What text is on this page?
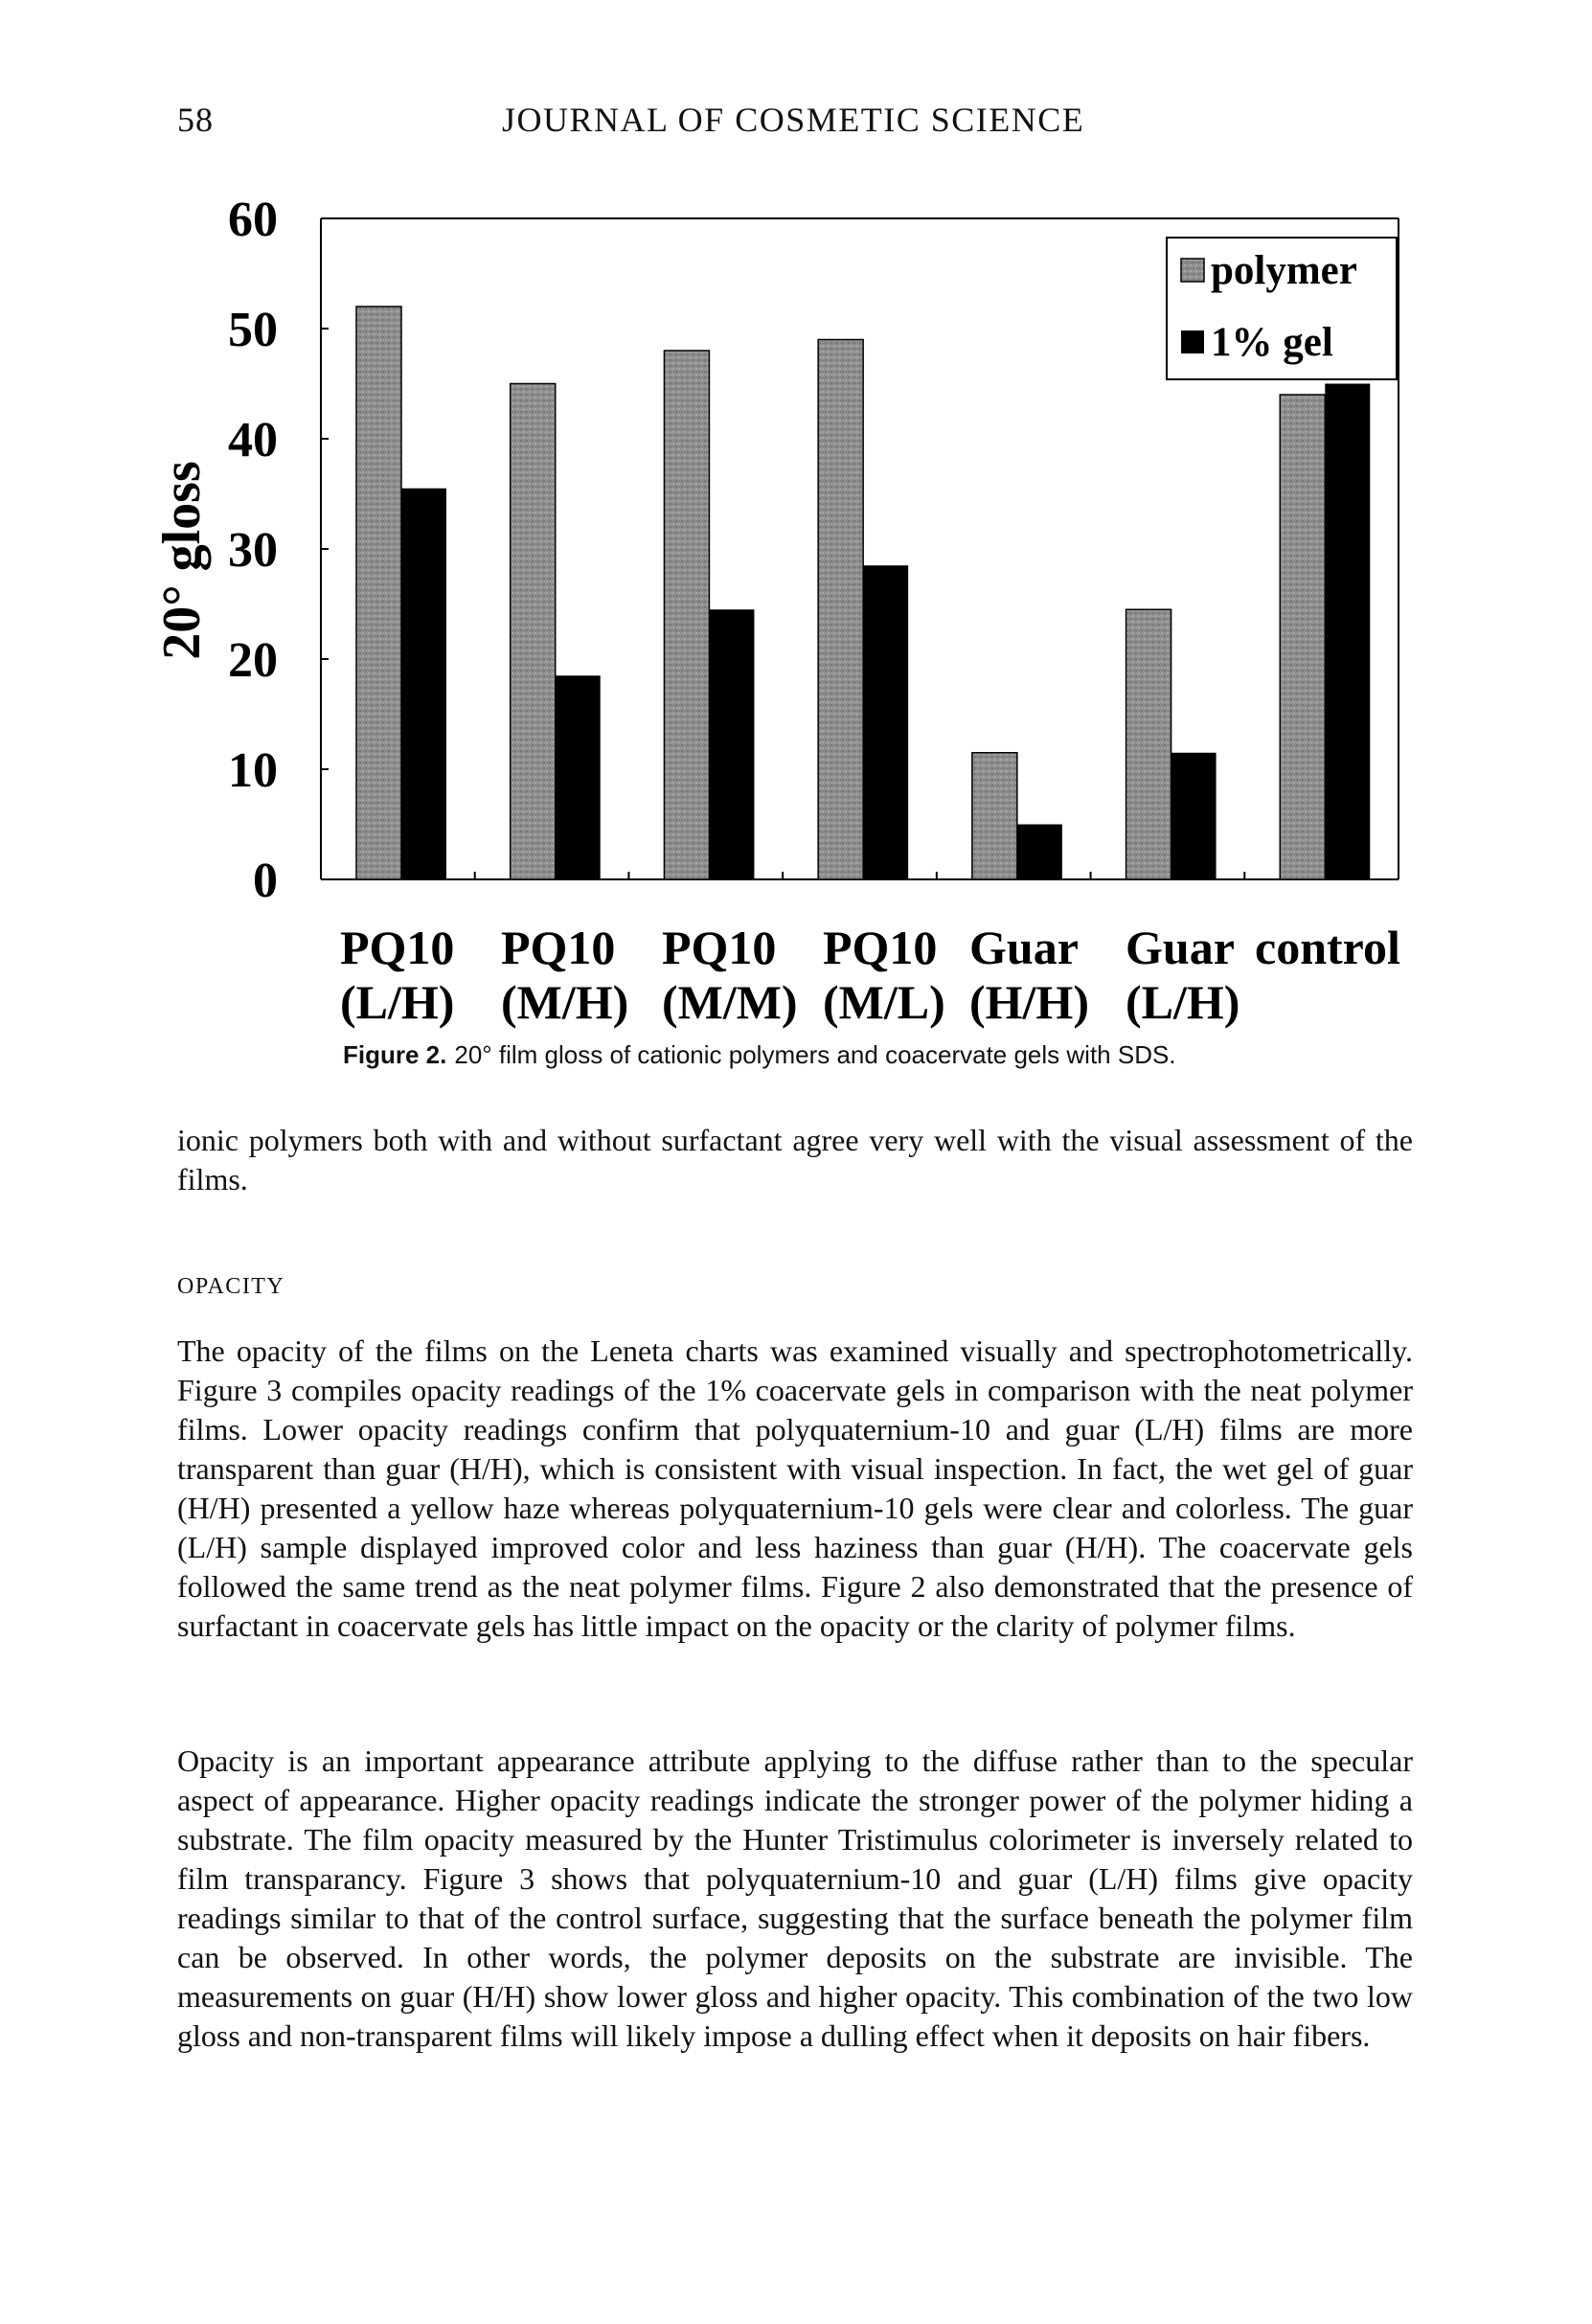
58	JOURNAL OF COSMETIC SCIENCE
0
10
20
30
40
50
60
PQ10
(L/H)
PQ10
(M/H)
PQ10
(M/M)
PQ10
(M/L)
Guar
(H/H)
Guar
(L/H)
control
polymer
1% gel
20° gloss
Figure 2. 20° film gloss of cationic polymers and coacervate gels with SDS.

ionic polymers both with and without surfactant agree very well with the visual assessment of the films.

OPACITY

The opacity of the films on the Leneta charts was examined visually and spectrophotometrically. Figure 3 compiles opacity readings of the 1% coacervate gels in comparison with the neat polymer films. Lower opacity readings confirm that polyquaternium-10 and guar (L/H) films are more transparent than guar (H/H), which is consistent with visual inspection. In fact, the wet gel of guar (H/H) presented a yellow haze whereas polyquaternium-10 gels were clear and colorless. The guar (L/H) sample displayed improved color and less haziness than guar (H/H). The coacervate gels followed the same trend as the neat polymer films. Figure 2 also demonstrated that the presence of surfactant in coacervate gels has little impact on the opacity or the clarity of polymer films.

Opacity is an important appearance attribute applying to the diffuse rather than to the specular aspect of appearance. Higher opacity readings indicate the stronger power of the polymer hiding a substrate. The film opacity measured by the Hunter Tristimulus colorimeter is inversely related to film transparancy. Figure 3 shows that polyquaternium-10 and guar (L/H) films give opacity readings similar to that of the control surface, suggesting that the surface beneath the polymer film can be observed. In other words, the polymer deposits on the substrate are invisible. The measurements on guar (H/H) show lower gloss and higher opacity. This combination of the two low gloss and non-transparent films will likely impose a dulling effect when it deposits on hair fibers.
